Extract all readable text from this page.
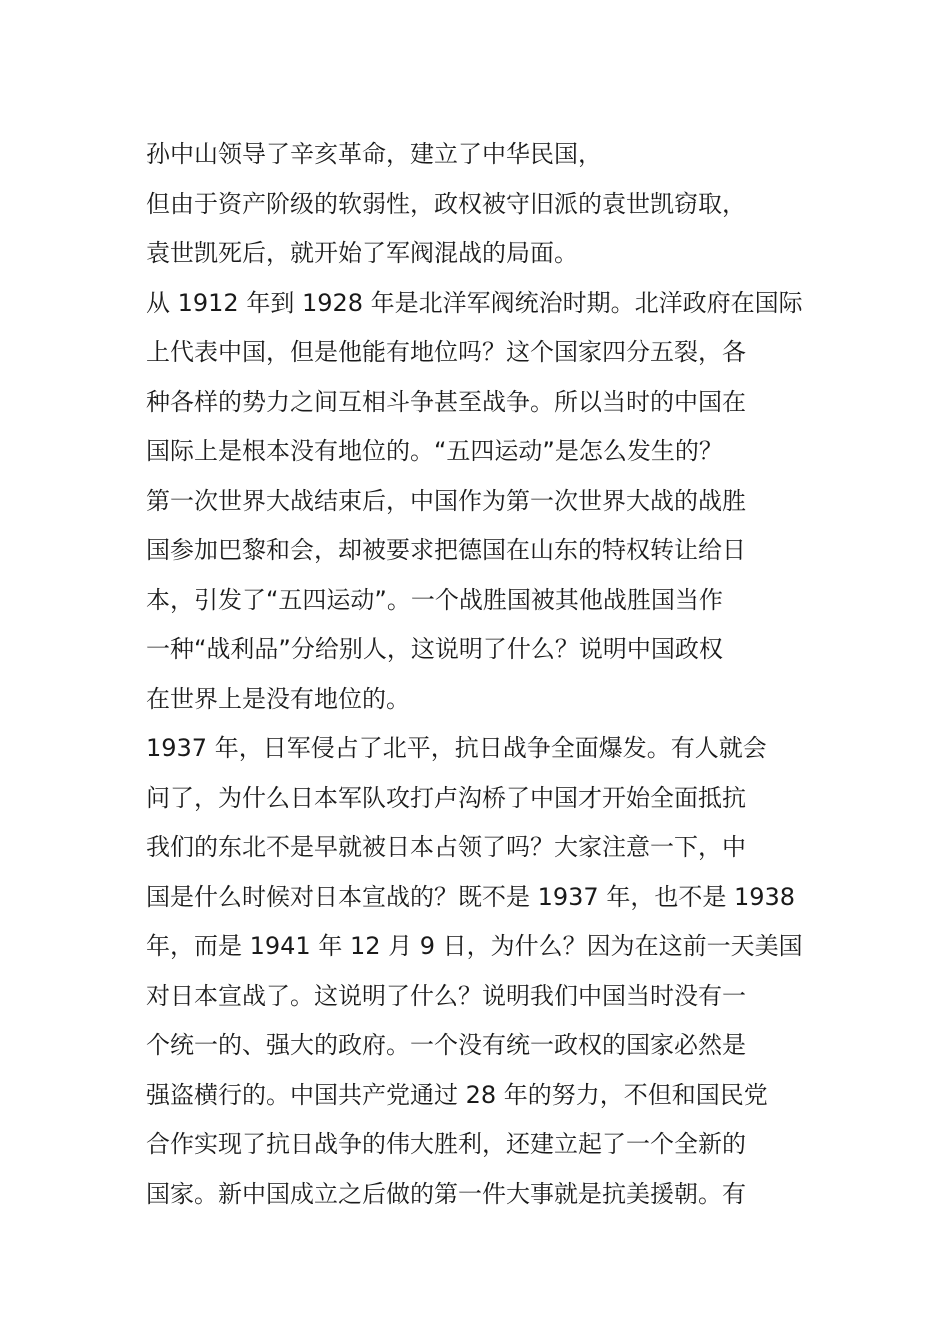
孙中山领导了辛亥革命，建立了中华民国，
但由于资产阶级的软弱性，政权被守旧派的袁世凯窃取，
袁世凯死后，就开始了军阀混战的局面。
从 1912 年到 1928 年是北洋军阀统治时期。北洋政府在国际
上代表中国，但是他能有地位吗？这个国家四分五裂，各
种各样的势力之间互相斗争甚至战争。所以当时的中国在
国际上是根本没有地位的。“五四运动”是怎么发生的？
第一次世界大战结束后，中国作为第一次世界大战的战胜
国参加巴黎和会，却被要求把德国在山东的特权转让给日
本，引发了“五四运动”。一个战胜国被其他战胜国当作
一种“战利品”分给别人，这说明了什么？说明中国政权
在世界上是没有地位的。
1937 年，日军侵占了北平，抗日战争全面爆发。有人就会
问了，为什么日本军队攻打卢沟桥了中国才开始全面抵抗
我们的东北不是早就被日本占领了吗？大家注意一下，中
国是什么时候对日本宣战的？既不是 1937 年，也不是 1938
年，而是 1941 年 12 月 9 日，为什么？因为在这前一天美国
对日本宣战了。这说明了什么？说明我们中国当时没有一
个统一的、强大的政府。一个没有统一政权的国家必然是
强盗横行的。中国共产党通过 28 年的努力，不但和国民党
合作实现了抗日战争的伟大胜利，还建立起了一个全新的
国家。新中国成立之后做的第一件大事就是抗美援朝。有
